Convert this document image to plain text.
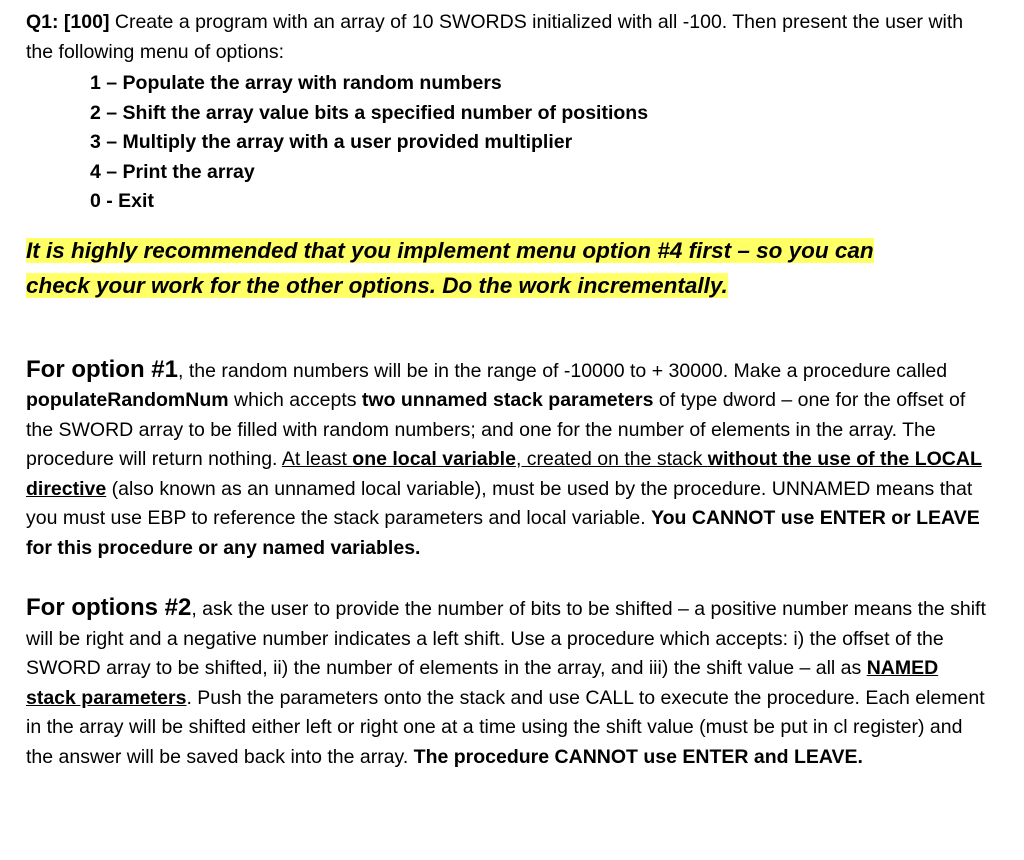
Q1: [100] Create a program with an array of 10 SWORDS initialized with all -100. Then present the user with the following menu of options:

1 – Populate the array with random numbers
2 – Shift the array value bits a specified number of positions
3 – Multiply the array with a user provided multiplier
4 – Print the array
0 - Exit
It is highly recommended that you implement menu option #4 first – so you can
check your work for the other options. Do the work incrementally.

For option #1, the random numbers will be in the range of -10000 to + 30000. Make a procedure called populateRandomNum which accepts two unnamed stack parameters of type dword – one for the offset of the SWORD array to be filled with random numbers; and one for the number of elements in the array. The procedure will return nothing. At least one local variable, created on the stack without the use of the LOCAL directive (also known as an unnamed local variable), must be used by the procedure. UNNAMED means that you must use EBP to reference the stack parameters and local variable. You CANNOT use ENTER or LEAVE for this procedure or any named variables.

For options #2, ask the user to provide the number of bits to be shifted – a positive number means the shift will be right and a negative number indicates a left shift. Use a procedure which accepts: i) the offset of the SWORD array to be shifted, ii) the number of elements in the array, and iii) the shift value – all as NAMED stack parameters. Push the parameters onto the stack and use CALL to execute the procedure. Each element in the array will be shifted either left or right one at a time using the shift value (must be put in cl register) and the answer will be saved back into the array. The procedure CANNOT use ENTER and LEAVE.
